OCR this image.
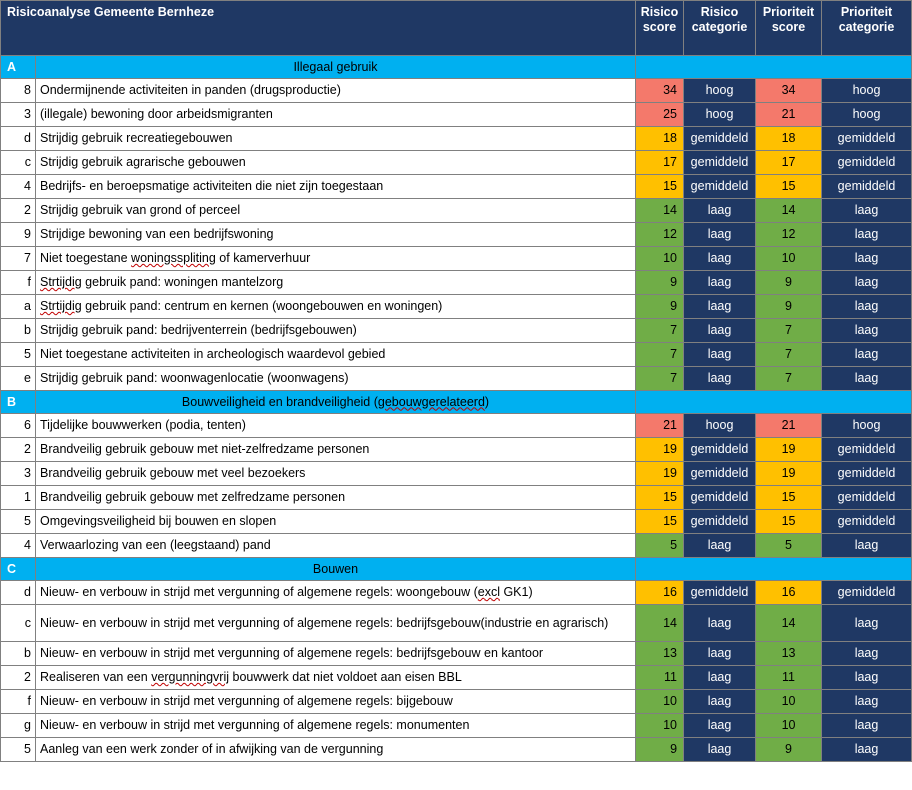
Risicoanalyse Gemeente Bernheze		Risico score	Risico categorie	Prioriteit score	Prioriteit categorie
A	Illegaal gebruik				
8	Ondermijnende activiteiten in panden (drugsproductie)	34	hoog	34	hoog
3	(illegale) bewoning door arbeidsmigranten	25	hoog	21	hoog
d	Strijdig gebruik recreatiegebouwen	18	gemiddeld	18	gemiddeld
c	Strijdig gebruik agrarische gebouwen	17	gemiddeld	17	gemiddeld
4	Bedrijfs- en beroepsmatige activiteiten die niet zijn toegestaan	15	gemiddeld	15	gemiddeld
2	Strijdig gebruik van grond of perceel	14	laag	14	laag
9	Strijdige bewoning van een bedrijfswoning	12	laag	12	laag
7	Niet toegestane woningsspliting of kamerverhuur	10	laag	10	laag
f	Strtijdig gebruik pand: woningen mantelzorg	9	laag	9	laag
a	Strtijdig gebruik pand: centrum en kernen (woongebouwen en woningen)	9	laag	9	laag
b	Strijdig gebruik pand: bedrijventerrein (bedrijfsgebouwen)	7	laag	7	laag
5	Niet toegestane activiteiten in archeologisch waardevol gebied	7	laag	7	laag
e	Strijdig gebruik pand: woonwagenlocatie (woonwagens)	7	laag	7	laag
B	Bouwveiligheid en brandveiligheid (gebouwgerelateerd)				
6	Tijdelijke bouwwerken (podia, tenten)	21	hoog	21	hoog
2	Brandveilig gebruik gebouw met niet-zelfredzame personen	19	gemiddeld	19	gemiddeld
3	Brandveilig gebruik gebouw met veel bezoekers	19	gemiddeld	19	gemiddeld
1	Brandveilig gebruik gebouw met zelfredzame personen	15	gemiddeld	15	gemiddeld
5	Omgevingsveiligheid bij bouwen en slopen	15	gemiddeld	15	gemiddeld
4	Verwaarlozing van een (leegstaand) pand	5	laag	5	laag
C	Bouwen				
d	Nieuw- en verbouw in strijd met vergunning of algemene regels: woongebouw (excl GK1)	16	gemiddeld	16	gemiddeld
c	Nieuw- en verbouw in strijd met vergunning of algemene regels: bedrijfsgebouw(industrie en agrarisch)	14	laag	14	laag
b	Nieuw- en verbouw in strijd met vergunning of algemene regels: bedrijfsgebouw en kantoor	13	laag	13	laag
2	Realiseren van een vergunningvrij bouwwerk dat niet voldoet aan eisen BBL	11	laag	11	laag
f	Nieuw- en verbouw in strijd met vergunning of algemene regels: bijgebouw	10	laag	10	laag
g	Nieuw- en verbouw in strijd met vergunning of algemene regels: monumenten	10	laag	10	laag
5	Aanleg van een werk zonder of in afwijking van de vergunning	9	laag	9	laag
